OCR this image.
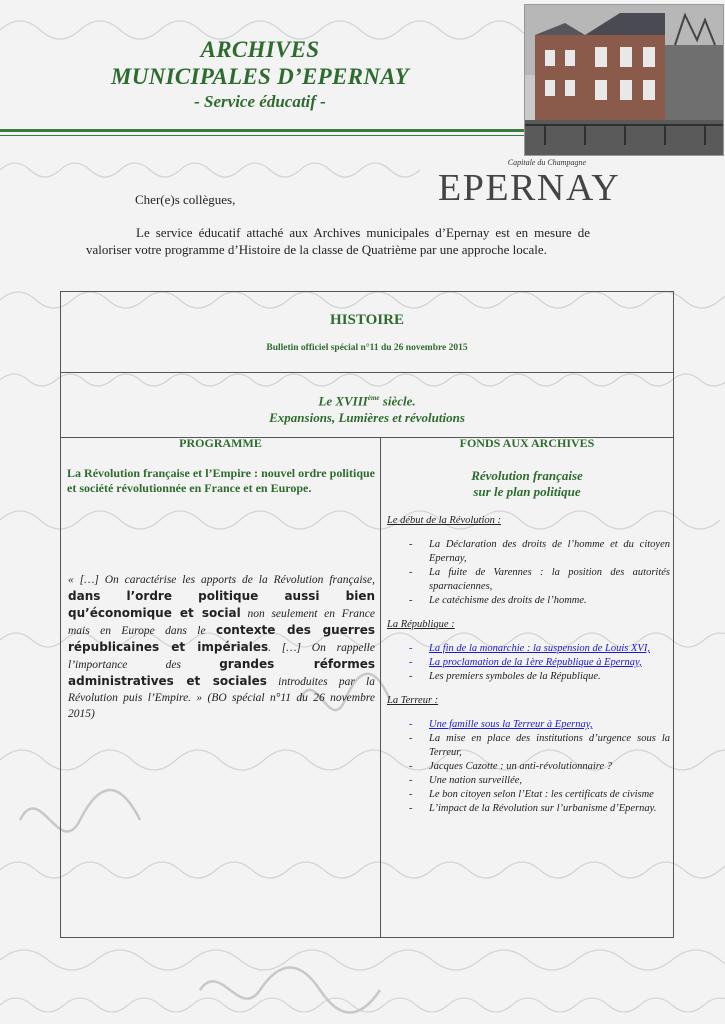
ARCHIVES
MUNICIPALES D’EPERNAY
- Service éducatif -
Capitale du Champagne
EPERNAY
Cher(e)s collègues,
Le service éducatif attaché aux Archives municipales d’Epernay est en mesure de valoriser votre programme d’Histoire de la classe de Quatrième par une approche locale.
HISTOIRE
Bulletin officiel spécial n°11 du 26 novembre 2015
Le XVIIIème siècle.
Expansions, Lumières et révolutions
PROGRAMME	FONDS AUX ARCHIVES
La Révolution française et l’Empire : nouvel ordre politique et société révolutionnée en France et en Europe.
« […] On caractérise les apports de la Révolution française, dans l’ordre politique aussi bien qu’économique et social non seulement en France mais en Europe dans le contexte des guerres républicaines et impériales. […] On rappelle l’importance des grandes réformes administratives et sociales introduites par la Révolution puis l’Empire. » (BO spécial n°11 du 26 novembre 2015)
Révolution française
sur le plan politique

Le début de la Révolution :

- La Déclaration des droits de l’homme et du citoyen Epernay,
- La fuite de Varennes : la position des autorités sparnaciennes,
- Le catéchisme des droits de l’homme.

La République :

- La fin de la monarchie : la suspension de Louis XVI,
- La proclamation de la 1ère République à Epernay,
- Les premiers symboles de la République.

La Terreur :

- Une famille sous la Terreur à Epernay,
- La mise en place des institutions d’urgence sous la Terreur,
- Jacques Cazotte : un anti-révolutionnaire ?
- Une nation surveillée,
- Le bon citoyen selon l’Etat : les certificats de civisme
- L’impact de la Révolution sur l’urbanisme d’Epernay.
